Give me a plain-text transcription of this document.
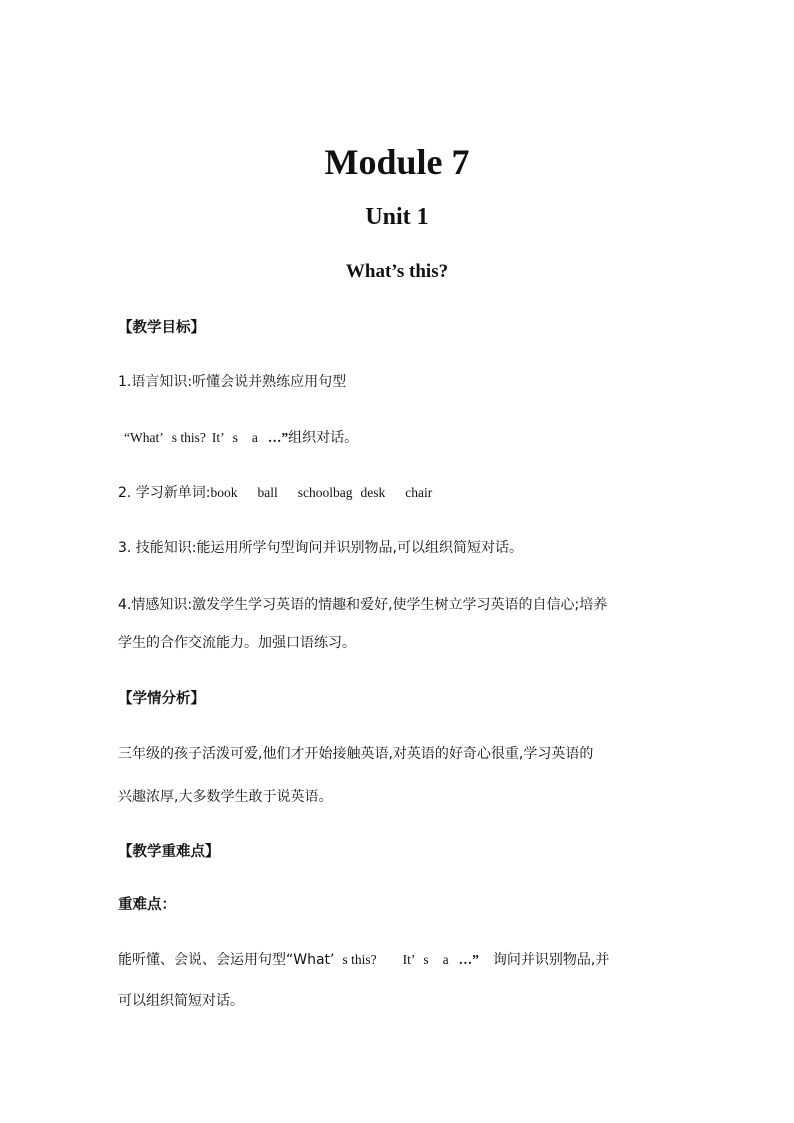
Module 7
Unit 1
What’s this?
【教学目标】
1.语言知识:听懂会说并熟练应用句型
“What’ s this? It’ s a …”组织对话。
2. 学习新单词:book ball schoolbag desk chair
3. 技能知识:能运用所学句型询问并识别物品,可以组织简短对话。
4.情感知识:激发学生学习英语的情趣和爱好,使学生树立学习英语的自信心;培养
学生的合作交流能力。加强口语练习。
【学情分析】
三年级的孩子活泼可爱,他们才开始接触英语,对英语的好奇心很重,学习英语的
兴趣浓厚,大多数学生敢于说英语。
【教学重难点】
重难点：
能听懂、会说、会运用句型“What’ s this? It’ s a …” 询问并识别物品,并
可以组织简短对话。
